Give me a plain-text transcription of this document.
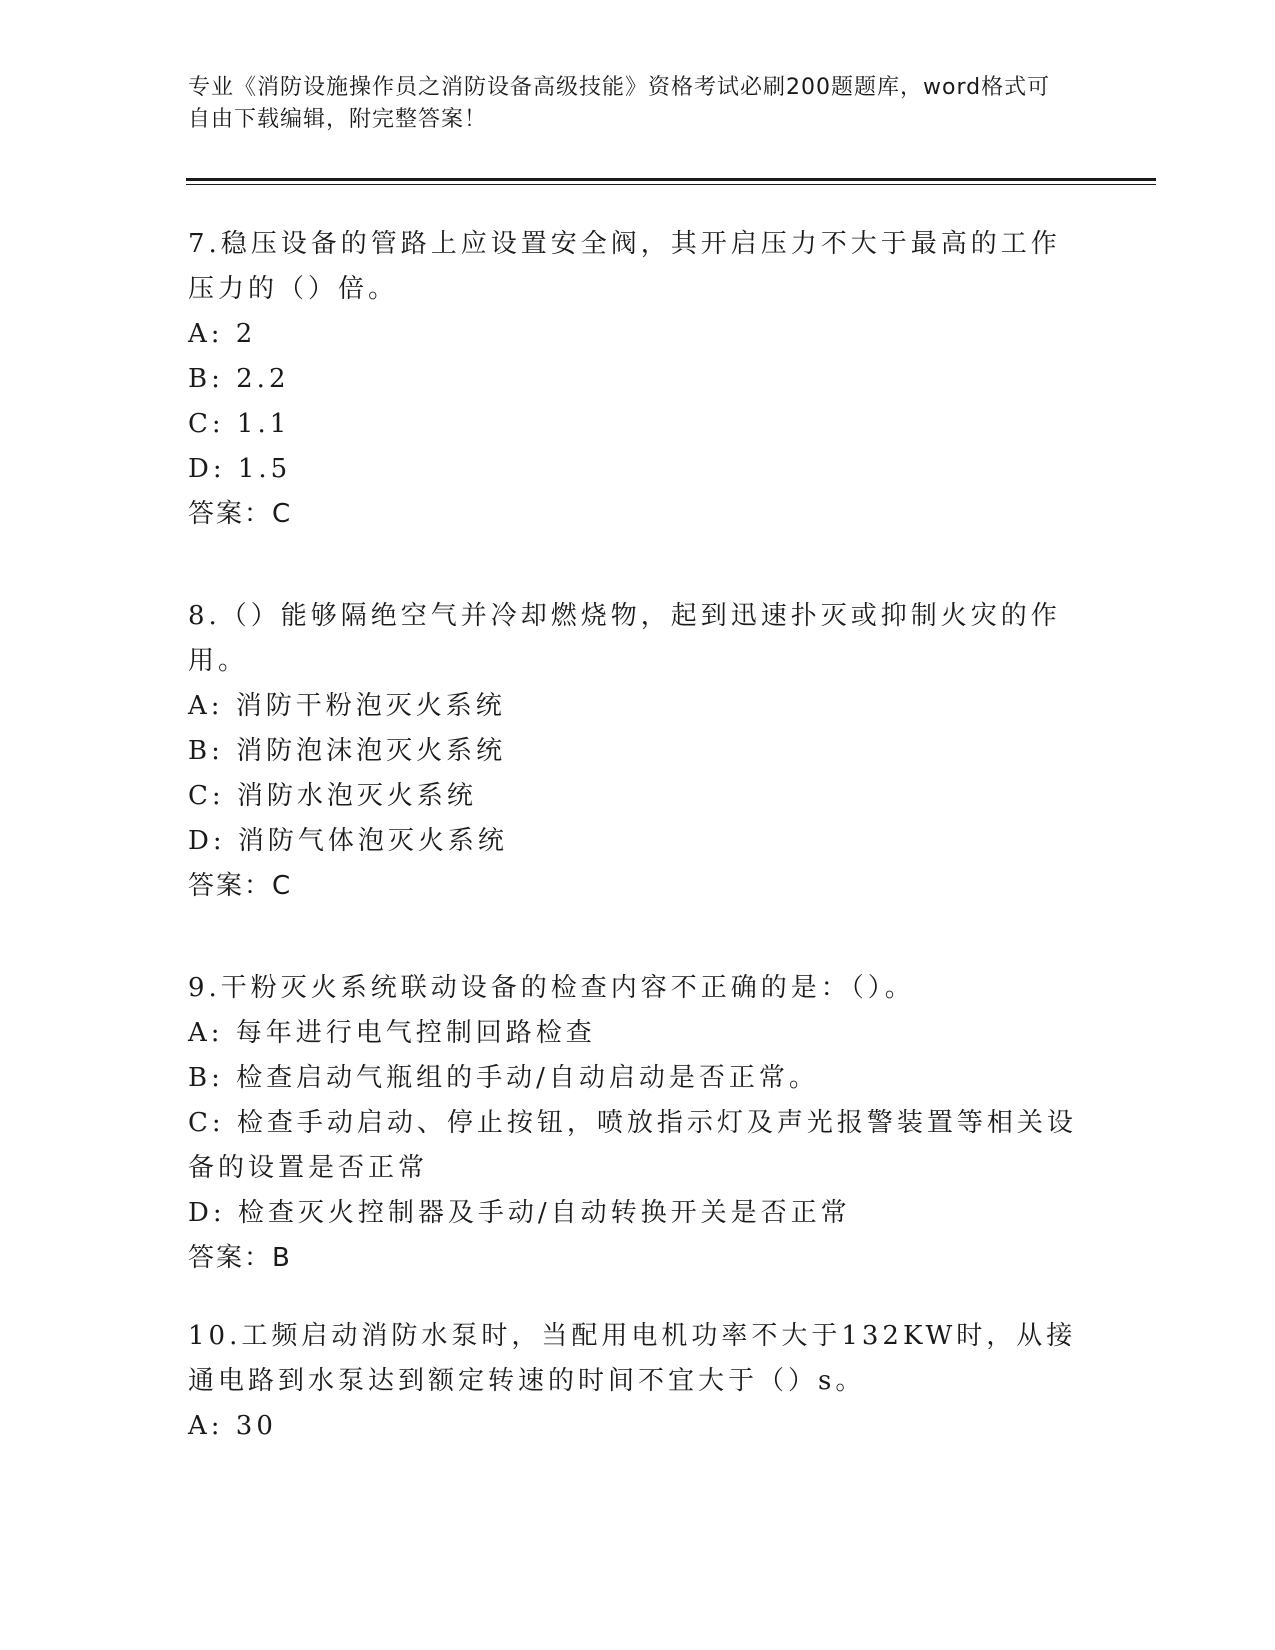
专业《消防设施操作员之消防设备高级技能》资格考试必刷200题题库，word格式可自由下载编辑，附完整答案！

7.稳压设备的管路上应设置安全阀，其开启压力不大于最高的工作压力的（）倍。

A: 2

B: 2.2

C: 1.1

D: 1.5

答案：C

8.（）能够隔绝空气并冷却燃烧物，起到迅速扑灭或抑制火灾的作用。

A: 消防干粉泡灭火系统

B: 消防泡沫泡灭火系统

C: 消防水泡灭火系统

D: 消防气体泡灭火系统

答案：C

9.干粉灭火系统联动设备的检查内容不正确的是：（）。

A: 每年进行电气控制回路检查

B: 检查启动气瓶组的手动/自动启动是否正常。

C: 检查手动启动、停止按钮，喷放指示灯及声光报警装置等相关设备的设置是否正常

D: 检查灭火控制器及手动/自动转换开关是否正常

答案：B

10.工频启动消防水泵时，当配用电机功率不大于132KW时，从接通电路到水泵达到额定转速的时间不宜大于（）s。

A: 30
